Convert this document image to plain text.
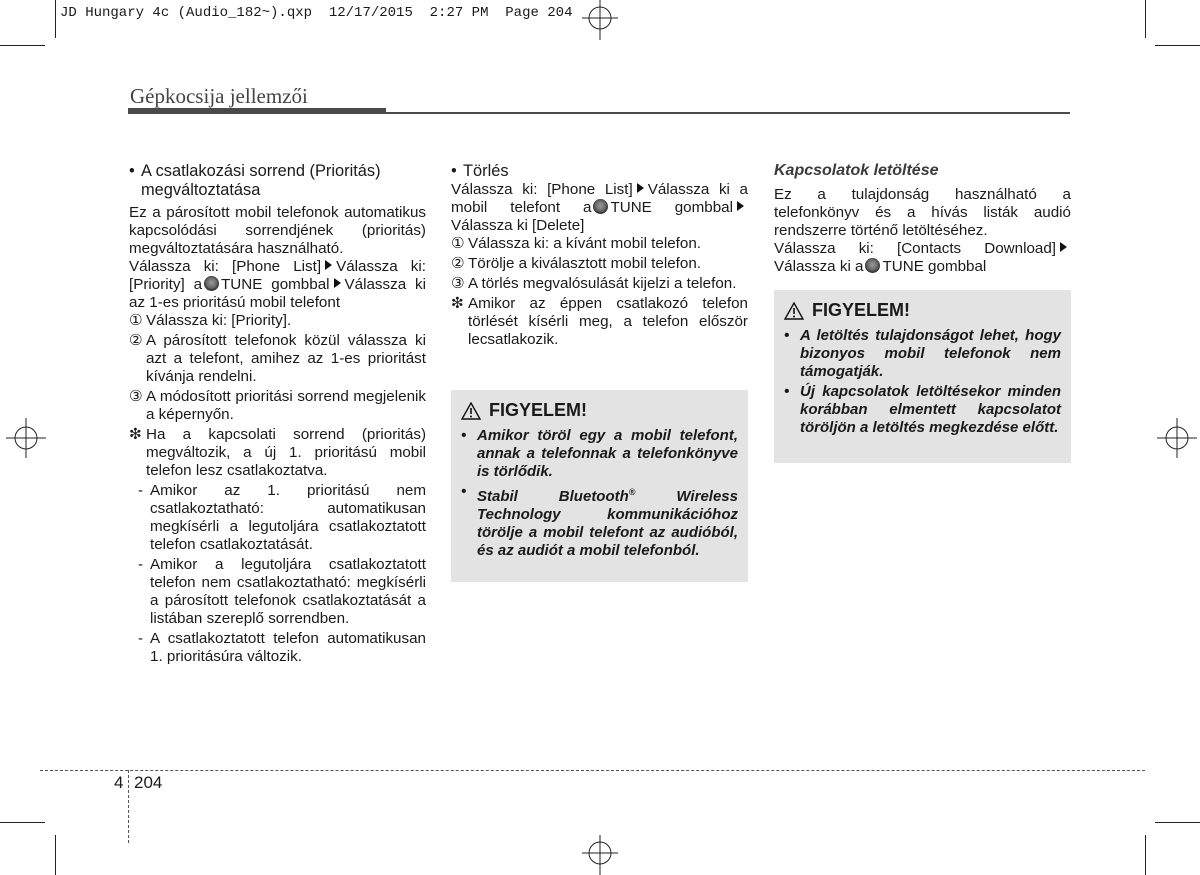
JD Hungary 4c (Audio_182~).qxp  12/17/2015  2:27 PM  Page 204
Gépkocsija jellemzői
• A csatlakozási sorrend (Prioritás) megváltoztatása

Ez a párosított mobil telefonok automatikus kapcsolódási sorrendjének (prioritás) megváltoztatására használható.

Válassza ki: [Phone List] Válassza ki: [Priority] a TUNE gombbal Válassza ki az 1-es prioritású mobil telefont

① Válassza ki: [Priority].
② A párosított telefonok közül válassza ki azt a telefont, amihez az 1-es prioritást kívánja rendelni.
③ A módosított prioritási sorrend megjelenik a képernyőn.
❇ Ha a kapcsolati sorrend (prioritás) megváltozik, a új 1. prioritású mobil telefon lesz csatlakoztatva.
- Amikor az 1. prioritású nem csatlakoztatható: automatikusan megkísérli a legutoljára csatlakoztatott telefon csatlakoztatását.
- Amikor a legutoljára csatlakoztatott telefon nem csatlakoztatható: megkísérli a párosított telefonok csatlakoztatását a listában szereplő sorrendben.
- A csatlakoztatott telefon automatikusan 1. prioritásúra változik.
• Törlés

Válassza ki: [Phone List] Válassza ki a mobil telefont a TUNE gombbalVálassza ki [Delete]

① Válassza ki: a kívánt mobil telefon.
② Törölje a kiválasztott mobil telefon.
③ A törlés megvalósulását kijelzi a telefon.
❇ Amikor az éppen csatlakozó telefon törlését kísérli meg, a telefon először lecsatlakozik.
FIGYELEM!
• Amikor töröl egy a mobil telefont, annak a telefonnak a telefonkönyve is törlődik.
• Stabil Bluetooth® Wireless Technology kommunikációhoz törölje a mobil telefont az audióból, és az audiót a mobil telefonból.
Kapcsolatok letöltése

Ez a tulajdonság használható a telefonkönyv és a hívás listák audió rendszerre történő letöltéséhez.

Válassza ki: [Contacts Download]Válassza ki a TUNE gombbal

FIGYELEM!
• A letöltés tulajdonságot lehet, hogy bizonyos mobil telefonok nem támogatják.
• Új kapcsolatok letöltésekor minden korábban elmentett kapcsolatot töröljön a letöltés megkezdése előtt.
4 204
